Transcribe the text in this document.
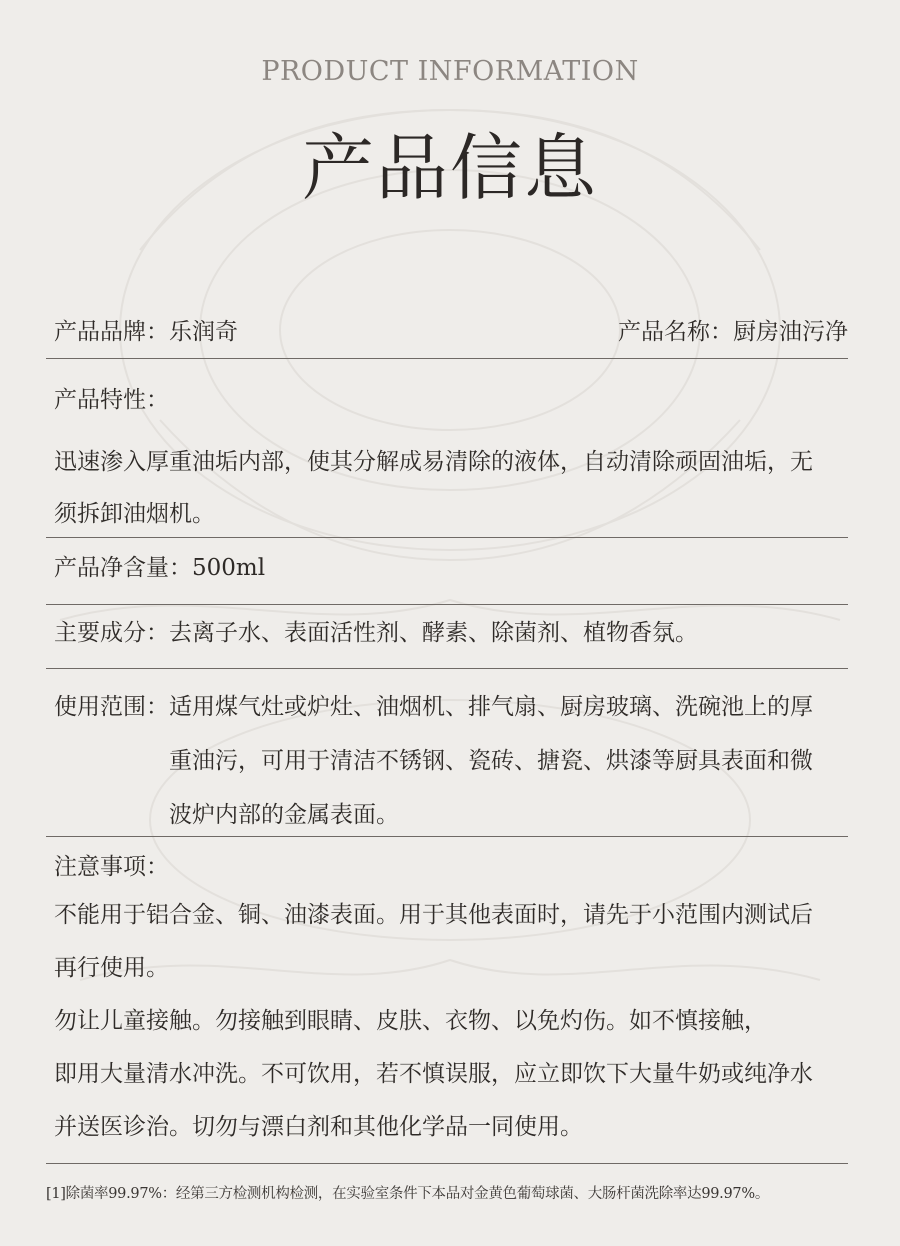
PRODUCT INFORMATION
产品信息
产品品牌： 乐润奇	产品名称： 厨房油污净
产品特性：
迅速渗入厚重油垢内部，使其分解成易清除的液体，自动清除顽固油垢，无
须拆卸油烟机。
产品净含量：500ml
主要成分：去离子水、表面活性剂、酵素、除菌剂、植物香氛。
使用范围： 适用煤气灶或炉灶、油烟机、排气扇、厨房玻璃、洗碗池上的厚
重油污，可用于清洁不锈钢、瓷砖、搪瓷、烘漆等厨具表面和微
波炉内部的金属表面。
注意事项：
不能用于铝合金、铜、油漆表面。用于其他表面时，请先于小范围内测试后
再行使用。
勿让儿童接触。勿接触到眼睛、皮肤、衣物、以免灼伤。如不慎接触，
即用大量清水冲洗。不可饮用，若不慎误服，应立即饮下大量牛奶或纯净水
并送医诊治。切勿与漂白剂和其他化学品一同使用。
[1]除菌率99.97%：经第三方检测机构检测，在实验室条件下本品对金黄色葡萄球菌、大肠杆菌洗除率达99.97%。
